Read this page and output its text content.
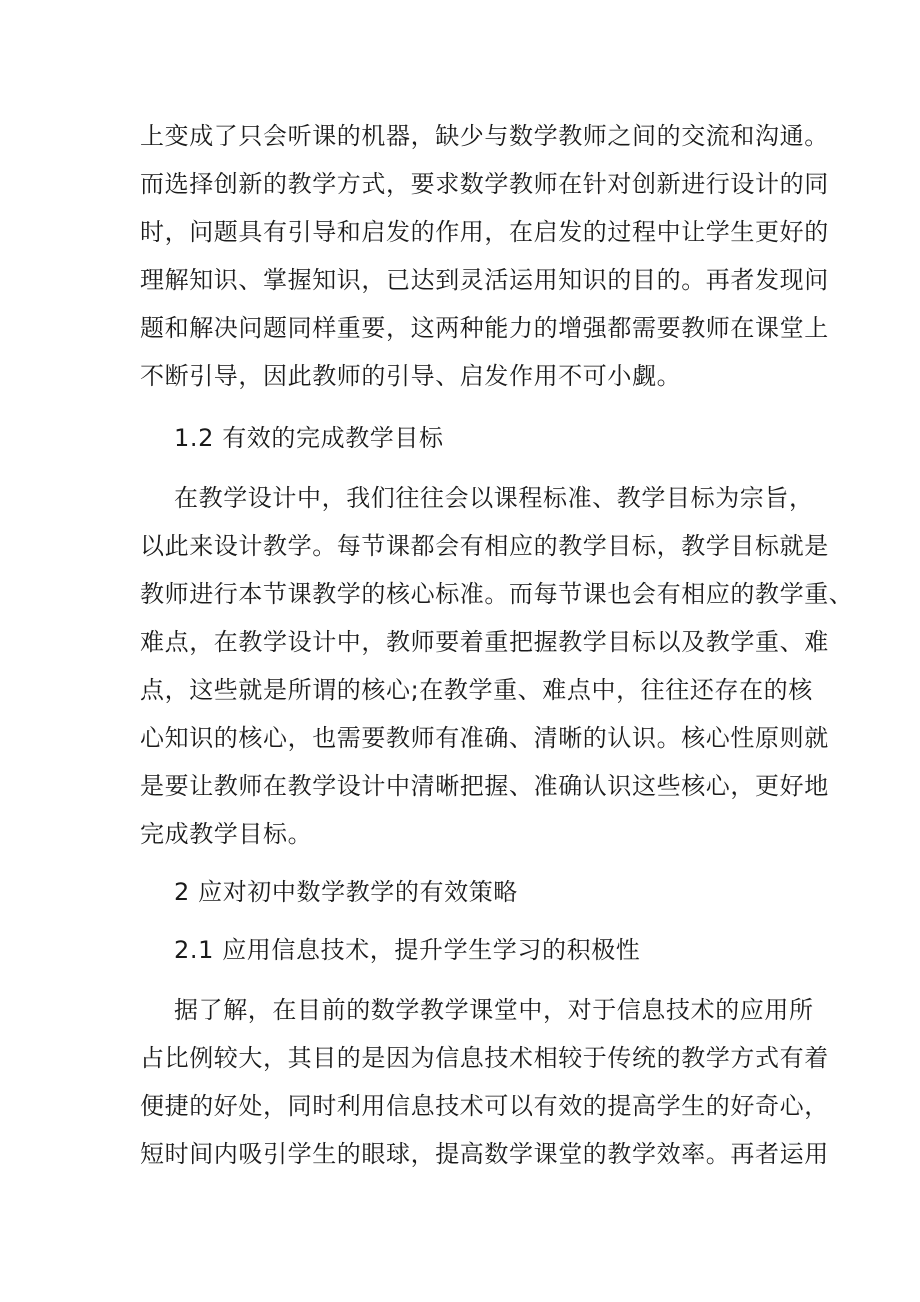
上变成了只会听课的机器，缺少与数学教师之间的交流和沟通。
而选择创新的教学方式，要求数学教师在针对创新进行设计的同
时，问题具有引导和启发的作用，在启发的过程中让学生更好的
理解知识、掌握知识，已达到灵活运用知识的目的。再者发现问
题和解决问题同样重要，这两种能力的增强都需要教师在课堂上
不断引导，因此教师的引导、启发作用不可小觑。
1.2 有效的完成教学目标
在教学设计中，我们往往会以课程标准、教学目标为宗旨，
以此来设计教学。每节课都会有相应的教学目标，教学目标就是
教师进行本节课教学的核心标准。而每节课也会有相应的教学重、
难点，在教学设计中，教师要着重把握教学目标以及教学重、难
点，这些就是所谓的核心;在教学重、难点中，往往还存在的核
心知识的核心，也需要教师有准确、清晰的认识。核心性原则就
是要让教师在教学设计中清晰把握、准确认识这些核心，更好地
完成教学目标。
2 应对初中数学教学的有效策略
2.1 应用信息技术，提升学生学习的积极性
据了解，在目前的数学教学课堂中，对于信息技术的应用所
占比例较大，其目的是因为信息技术相较于传统的教学方式有着
便捷的好处，同时利用信息技术可以有效的提高学生的好奇心，
短时间内吸引学生的眼球，提高数学课堂的教学效率。再者运用
